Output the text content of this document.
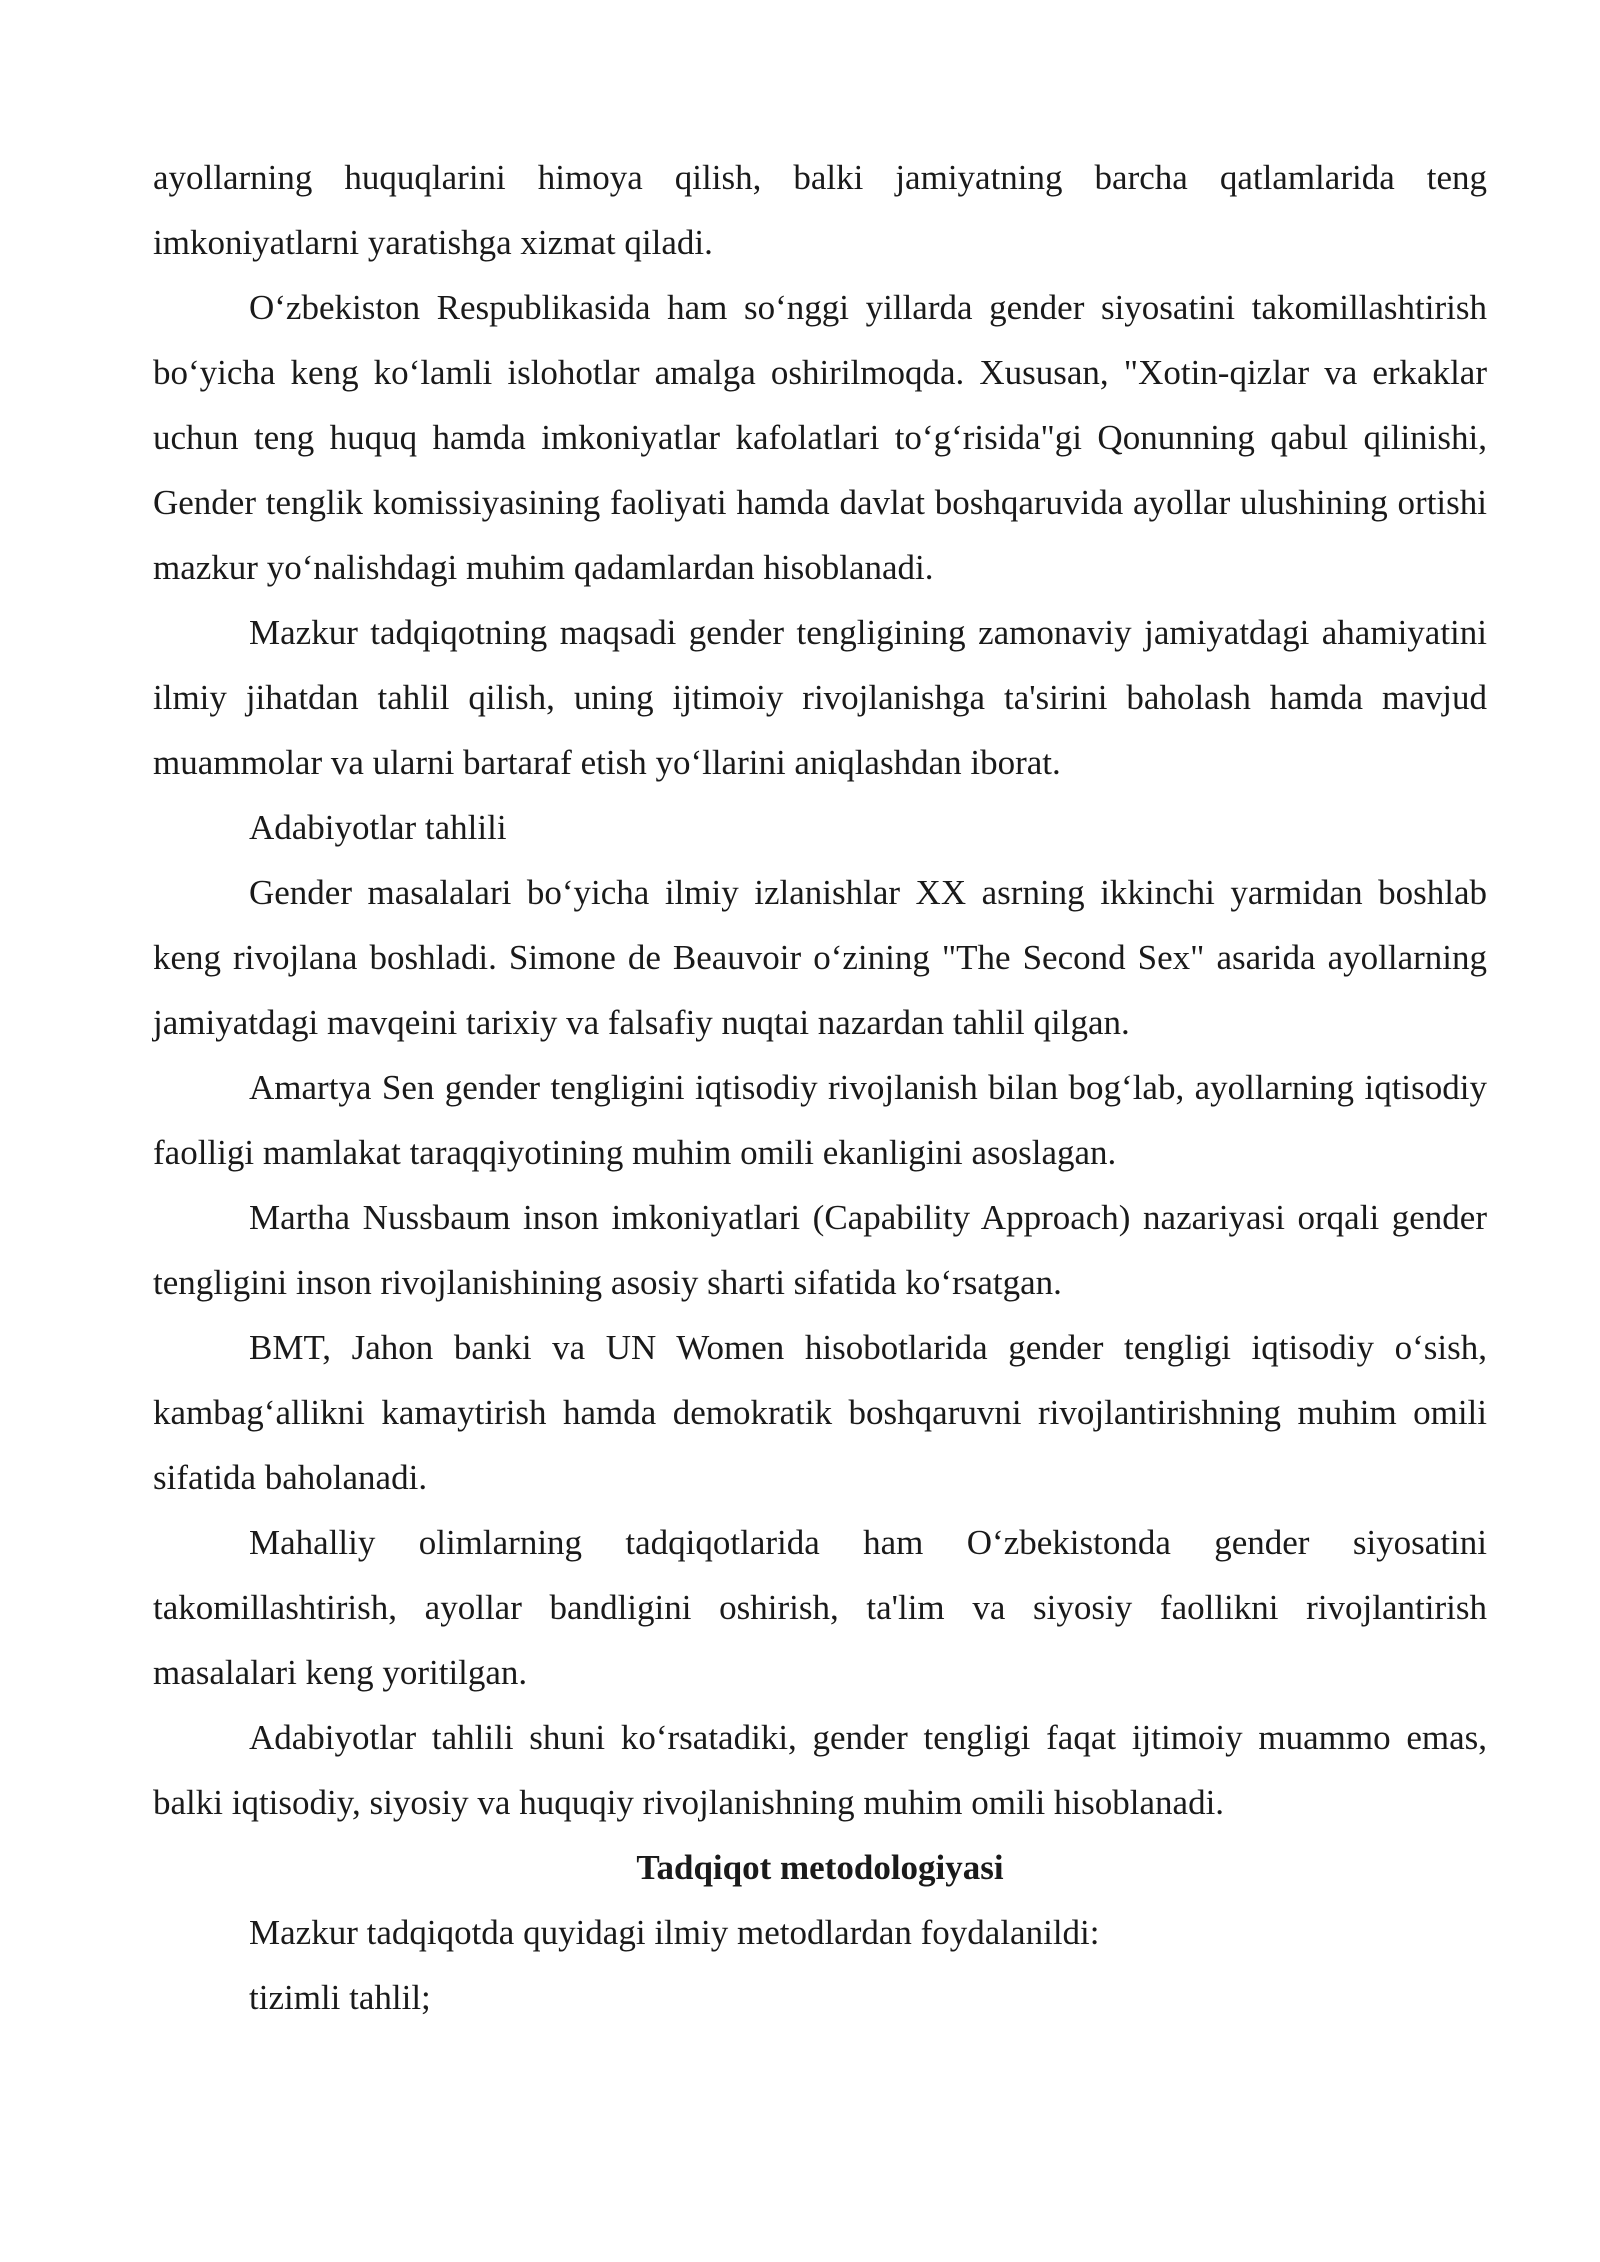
ayollarning huquqlarini himoya qilish, balki jamiyatning barcha qatlamlarida teng imkoniyatlarni yaratishga xizmat qiladi.

O‘zbekiston Respublikasida ham so‘nggi yillarda gender siyosatini takomillashtirish bo‘yicha keng ko‘lamli islohotlar amalga oshirilmoqda. Xususan, "Xotin-qizlar va erkaklar uchun teng huquq hamda imkoniyatlar kafolatlari to‘g‘risida"gi Qonunning qabul qilinishi, Gender tenglik komissiyasining faoliyati hamda davlat boshqaruvida ayollar ulushining ortishi mazkur yo‘nalishdagi muhim qadamlardan hisoblanadi.

Mazkur tadqiqotning maqsadi gender tengligining zamonaviy jamiyatdagi ahamiyatini ilmiy jihatdan tahlil qilish, uning ijtimoiy rivojlanishga ta'sirini baholash hamda mavjud muammolar va ularni bartaraf etish yo‘llarini aniqlashdan iborat.

Adabiyotlar tahlili

Gender masalalari bo‘yicha ilmiy izlanishlar XX asrning ikkinchi yarmidan boshlab keng rivojlana boshladi. Simone de Beauvoir o‘zining "The Second Sex" asarida ayollarning jamiyatdagi mavqeini tarixiy va falsafiy nuqtai nazardan tahlil qilgan.

Amartya Sen gender tengligini iqtisodiy rivojlanish bilan bog‘lab, ayollarning iqtisodiy faolligi mamlakat taraqqiyotining muhim omili ekanligini asoslagan.

Martha Nussbaum inson imkoniyatlari (Capability Approach) nazariyasi orqali gender tengligini inson rivojlanishining asosiy sharti sifatida ko‘rsatgan.

BMT, Jahon banki va UN Women hisobotlarida gender tengligi iqtisodiy o‘sish, kambag‘allikni kamaytirish hamda demokratik boshqaruvni rivojlantirishning muhim omili sifatida baholanadi.

Mahalliy olimlarning tadqiqotlarida ham O‘zbekistonda gender siyosatini takomillashtirish, ayollar bandligini oshirish, ta'lim va siyosiy faollikni rivojlantirish masalalari keng yoritilgan.

Adabiyotlar tahlili shuni ko‘rsatadiki, gender tengligi faqat ijtimoiy muammo emas, balki iqtisodiy, siyosiy va huquqiy rivojlanishning muhim omili hisoblanadi.

Tadqiqot metodologiyasi

Mazkur tadqiqotda quyidagi ilmiy metodlardan foydalanildi:

tizimli tahlil;
